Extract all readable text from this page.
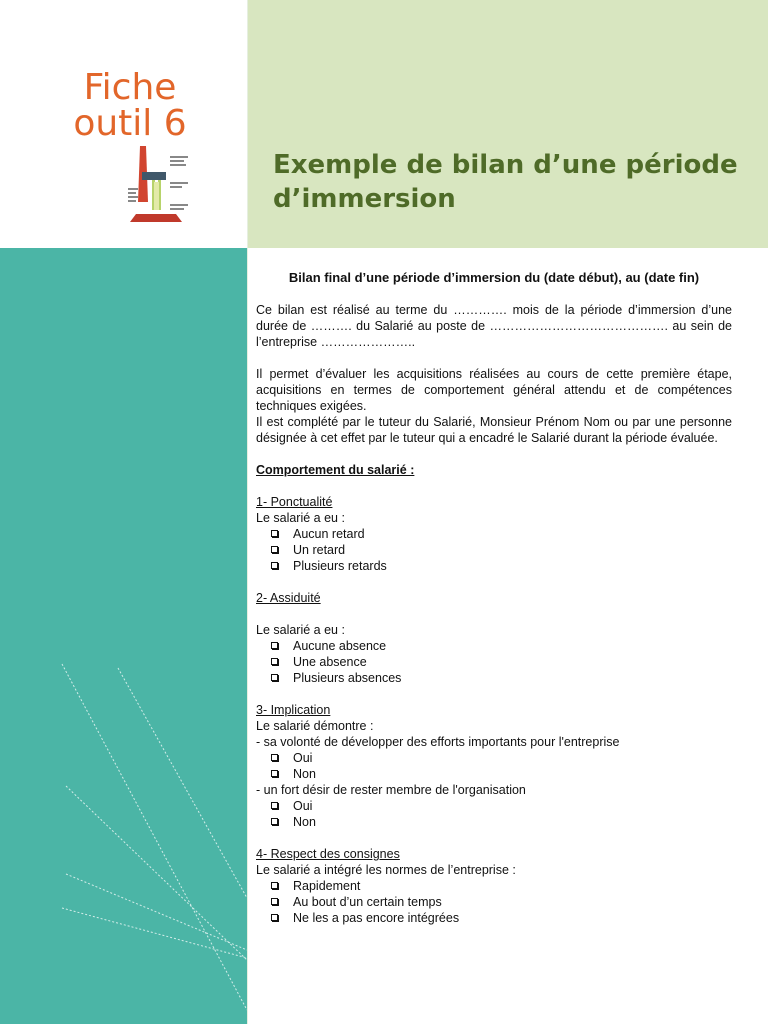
Fiche
outil 6
Exemple de bilan d’une période d’immersion

Bilan final d’une période d’immersion du (date début), au (date fin)

Ce bilan est réalisé au terme du …………. mois de la période d’immersion d’une durée de ………. du Salarié au poste de ……………………………………. au sein de l’entreprise …………………..

Il permet d’évaluer les acquisitions réalisées au cours de cette première étape, acquisitions en termes de comportement général attendu et de compétences techniques exigées.

Il est complété par le tuteur du Salarié, Monsieur Prénom Nom ou par une personne désignée à cet effet par le tuteur qui a encadré le Salarié durant la période évaluée.

Comportement du salarié :

1- Ponctualité

Le salarié a eu :

Aucun retard
Un retard
Plusieurs retards

2- Assiduité

Le salarié a eu :

Aucune absence
Une absence
Plusieurs absences

3- Implication

Le salarié démontre :

- sa volonté de développer des efforts importants pour l'entreprise

Oui
Non

- un fort désir de rester membre de l'organisation

Oui
Non

4- Respect des consignes

Le salarié a intégré les normes de l’entreprise :

Rapidement
Au bout d’un certain temps
Ne les a pas encore intégrées
